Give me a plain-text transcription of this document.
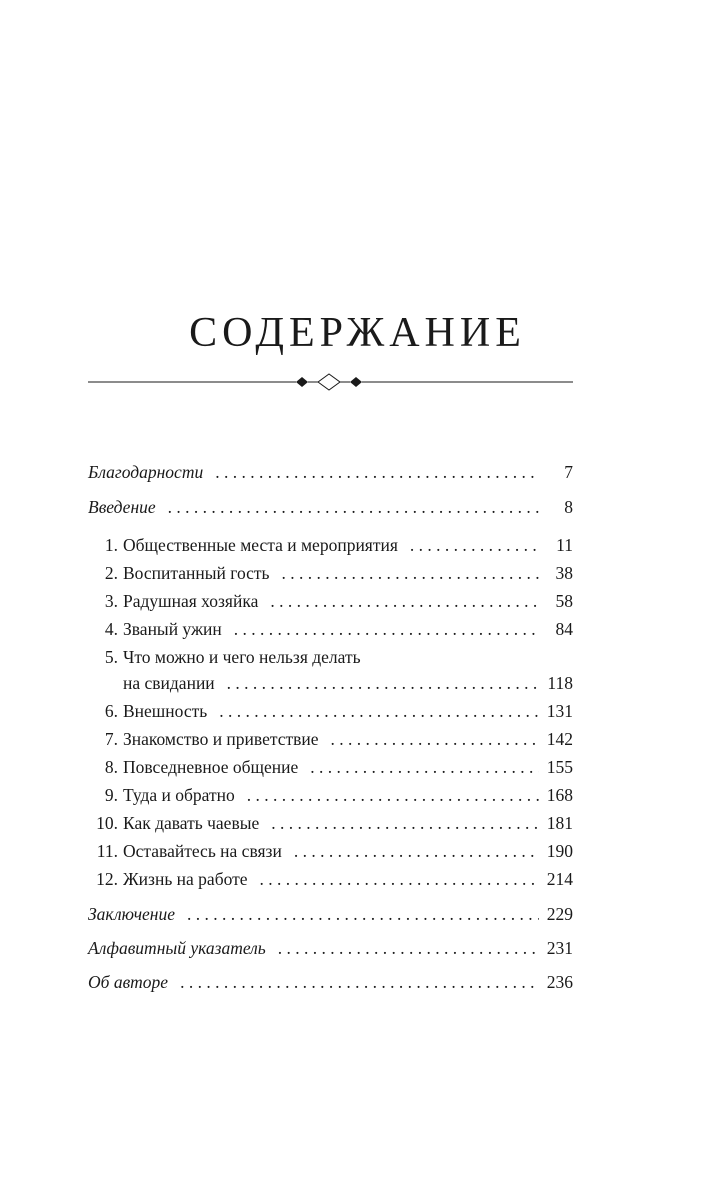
СОДЕРЖАНИЕ
Благодарности . . .	7
Введение . . .	8
1. Общественные места и мероприятия . . .	11
2. Воспитанный гость . . .	38
3. Радушная хозяйка . . .	58
4. Званый ужин . . .	84
5. Что можно и чего нельзя делать
на свидании . . .	118
6. Внешность . . .	131
7. Знакомство и приветствие . . .	142
8. Повседневное общение . . .	155
9. Туда и обратно . . .	168
10. Как давать чаевые . . .	181
11. Оставайтесь на связи . . .	190
12. Жизнь на работе . . .	214
Заключение . . .	229
Алфавитный указатель . . .	231
Об авторе . . .	236
